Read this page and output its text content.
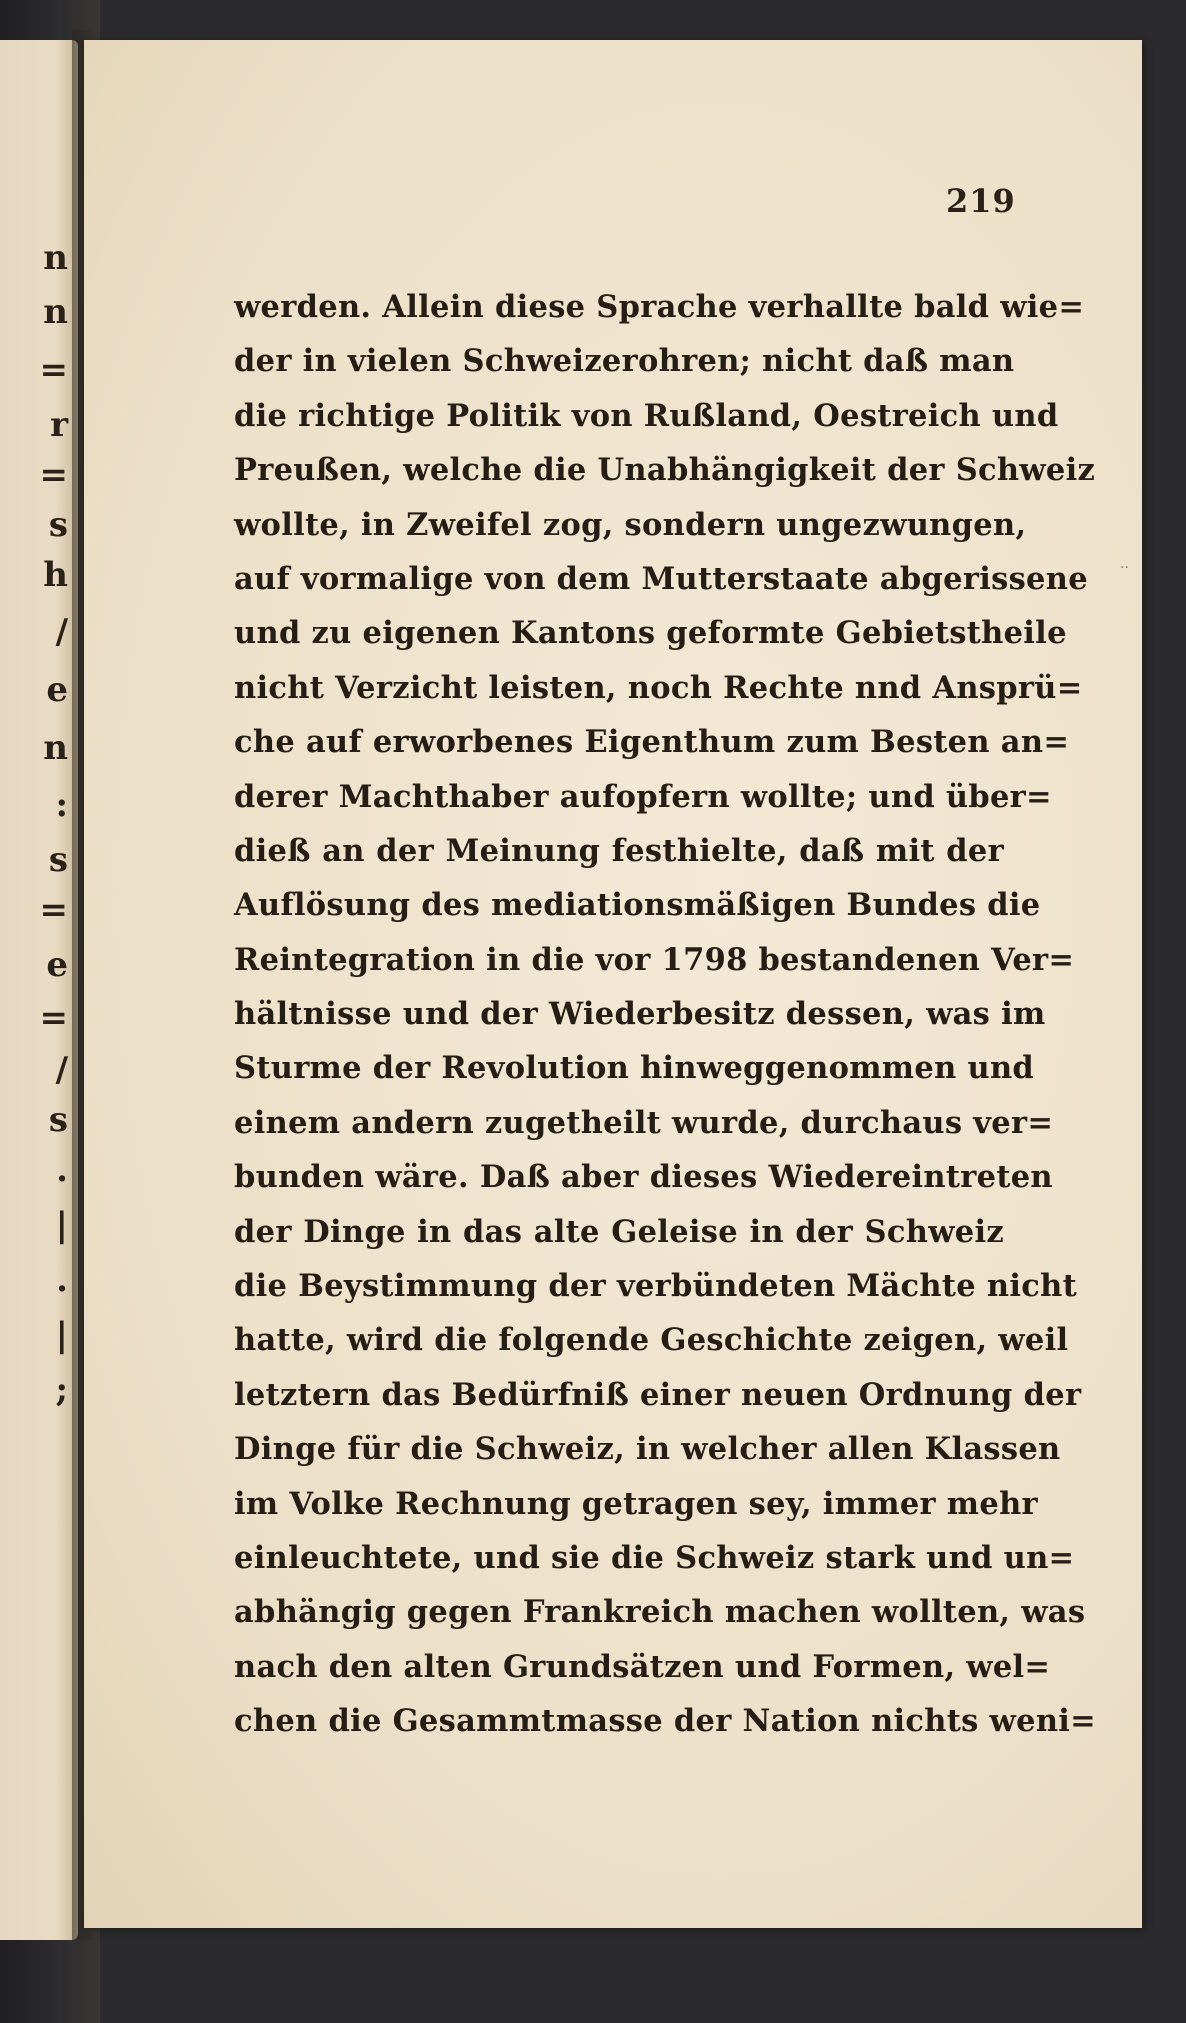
n
n
=
r
=
s
h
/
e
n
:
s
=
e
=
/
s
.
|
.
|
;
219
werden. Allein diese Sprache verhallte bald wie=
der in vielen Schweizerohren; nicht daß man
die richtige Politik von Rußland, Oestreich und
Preußen, welche die Unabhängigkeit der Schweiz
wollte, in Zweifel zog, sondern ungezwungen,
auf vormalige von dem Mutterstaate abgerissene
und zu eigenen Kantons geformte Gebietstheile
nicht Verzicht leisten, noch Rechte nnd Ansprü=
che auf erworbenes Eigenthum zum Besten an=
derer Machthaber aufopfern wollte; und über=
dieß an der Meinung festhielte, daß mit der
Auflösung des mediationsmäßigen Bundes die
Reintegration in die vor 1798 bestandenen Ver=
hältnisse und der Wiederbesitz dessen, was im
Sturme der Revolution hinweggenommen und
einem andern zugetheilt wurde, durchaus ver=
bunden wäre. Daß aber dieses Wiedereintreten
der Dinge in das alte Geleise in der Schweiz
die Beystimmung der verbündeten Mächte nicht
hatte, wird die folgende Geschichte zeigen, weil
letztern das Bedürfniß einer neuen Ordnung der
Dinge für die Schweiz, in welcher allen Klassen
im Volke Rechnung getragen sey, immer mehr
einleuchtete, und sie die Schweiz stark und un=
abhängig gegen Frankreich machen wollten, was
nach den alten Grundsätzen und Formen, wel=
chen die Gesammtmasse der Nation nichts weni=
··
